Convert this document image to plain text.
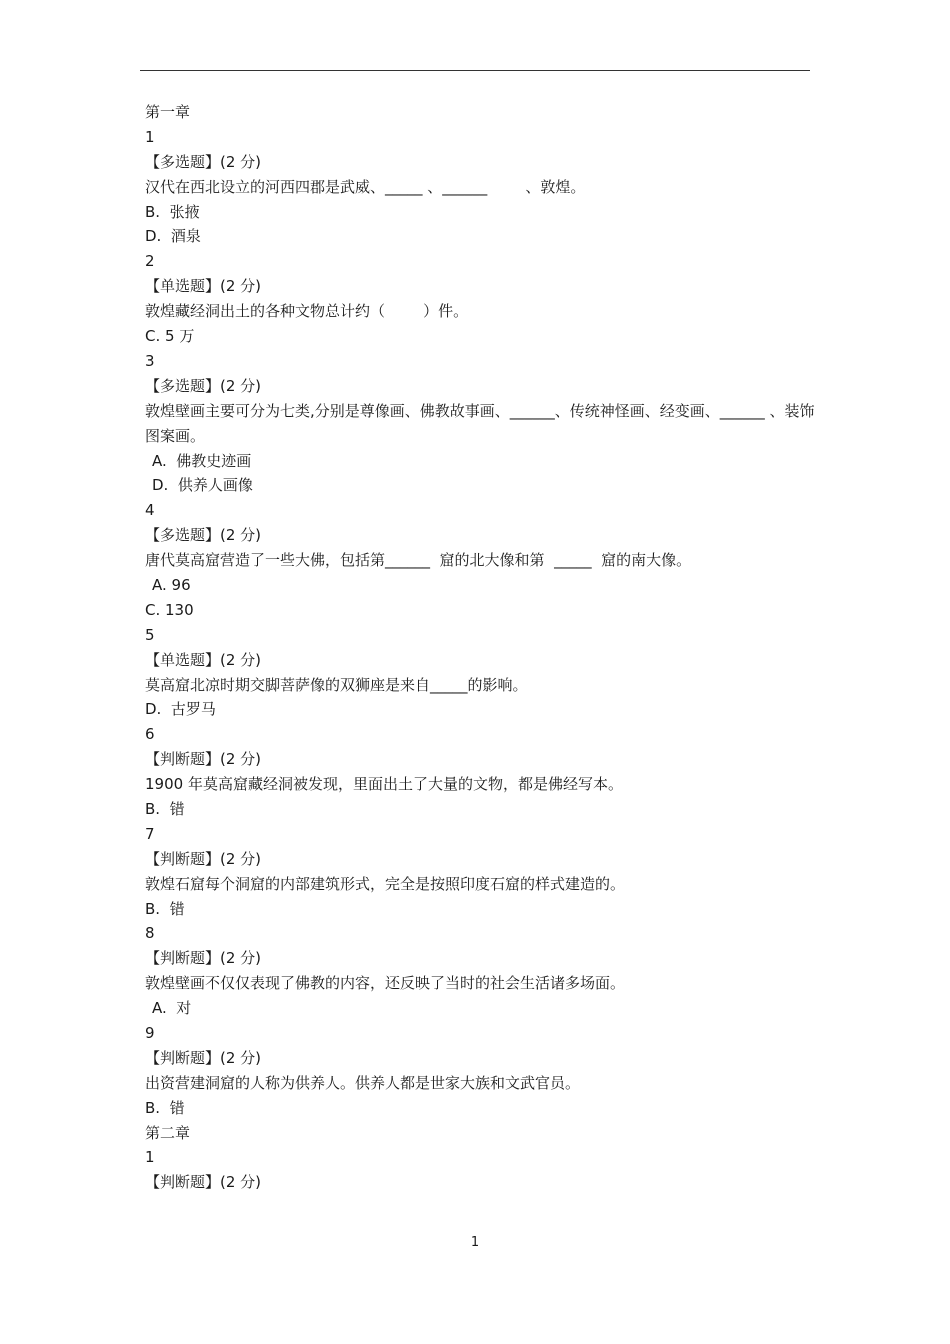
第一章
1
【多选题】(2 分)
汉代在西北设立的河西四郡是武威、_____ 、______        、敦煌。
B.  张掖
D.  酒泉
2
【单选题】(2 分)
敦煌藏经洞出土的各种文物总计约（        ）件。
C. 5 万
3
【多选题】(2 分)
敦煌壁画主要可分为七类,分别是尊像画、佛教故事画、______、传统神怪画、经变画、______ 、装饰图案画。
A.  佛教史迹画
D.  供养人画像
4
【多选题】(2 分)
唐代莫高窟营造了一些大佛，包括第______  窟的北大像和第  _____  窟的南大像。
A. 96
C. 130
5
【单选题】(2 分)
莫高窟北凉时期交脚菩萨像的双狮座是来自_____的影响。
D.  古罗马
6
【判断题】(2 分)
1900 年莫高窟藏经洞被发现，里面出土了大量的文物，都是佛经写本。
B.  错
7
【判断题】(2 分)
敦煌石窟每个洞窟的内部建筑形式，完全是按照印度石窟的样式建造的。
B.  错
8
【判断题】(2 分)
敦煌壁画不仅仅表现了佛教的内容，还反映了当时的社会生活诸多场面。
A.  对
9
【判断题】(2 分)
出资营建洞窟的人称为供养人。供养人都是世家大族和文武官员。
B.  错
第二章
1
【判断题】(2 分)
1
